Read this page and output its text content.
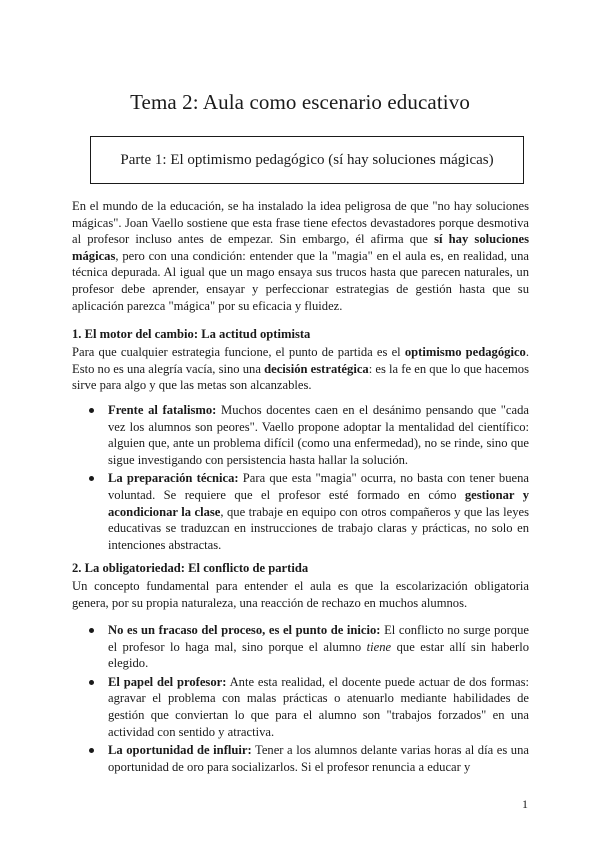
Tema 2: Aula como escenario educativo
Parte 1: El optimismo pedagógico (sí hay soluciones mágicas)

En el mundo de la educación, se ha instalado la idea peligrosa de que "no hay soluciones mágicas". Joan Vaello sostiene que esta frase tiene efectos devastadores porque desmotiva al profesor incluso antes de empezar. Sin embargo, él afirma que sí hay soluciones mágicas, pero con una condición: entender que la "magia" en el aula es, en realidad, una técnica depurada. Al igual que un mago ensaya sus trucos hasta que parecen naturales, un profesor debe aprender, ensayar y perfeccionar estrategias de gestión hasta que su aplicación parezca "mágica" por su eficacia y fluidez.

1. El motor del cambio: La actitud optimista

Para que cualquier estrategia funcione, el punto de partida es el optimismo pedagógico. Esto no es una alegría vacía, sino una decisión estratégica: es la fe en que lo que hacemos sirve para algo y que las metas son alcanzables.

Frente al fatalismo: Muchos docentes caen en el desánimo pensando que "cada vez los alumnos son peores". Vaello propone adoptar la mentalidad del científico: alguien que, ante un problema difícil (como una enfermedad), no se rinde, sino que sigue investigando con persistencia hasta hallar la solución.
La preparación técnica: Para que esta "magia" ocurra, no basta con tener buena voluntad. Se requiere que el profesor esté formado en cómo gestionar y acondicionar la clase, que trabaje en equipo con otros compañeros y que las leyes educativas se traduzcan en instrucciones de trabajo claras y prácticas, no solo en intenciones abstractas.
2. La obligatoriedad: El conflicto de partida

Un concepto fundamental para entender el aula es que la escolarización obligatoria genera, por su propia naturaleza, una reacción de rechazo en muchos alumnos.

No es un fracaso del proceso, es el punto de inicio: El conflicto no surge porque el profesor lo haga mal, sino porque el alumno tiene que estar allí sin haberlo elegido.
El papel del profesor: Ante esta realidad, el docente puede actuar de dos formas: agravar el problema con malas prácticas o atenuarlo mediante habilidades de gestión que conviertan lo que para el alumno son "trabajos forzados" en una actividad con sentido y atractiva.
La oportunidad de influir: Tener a los alumnos delante varias horas al día es una oportunidad de oro para socializarlos. Si el profesor renuncia a educar y
1
